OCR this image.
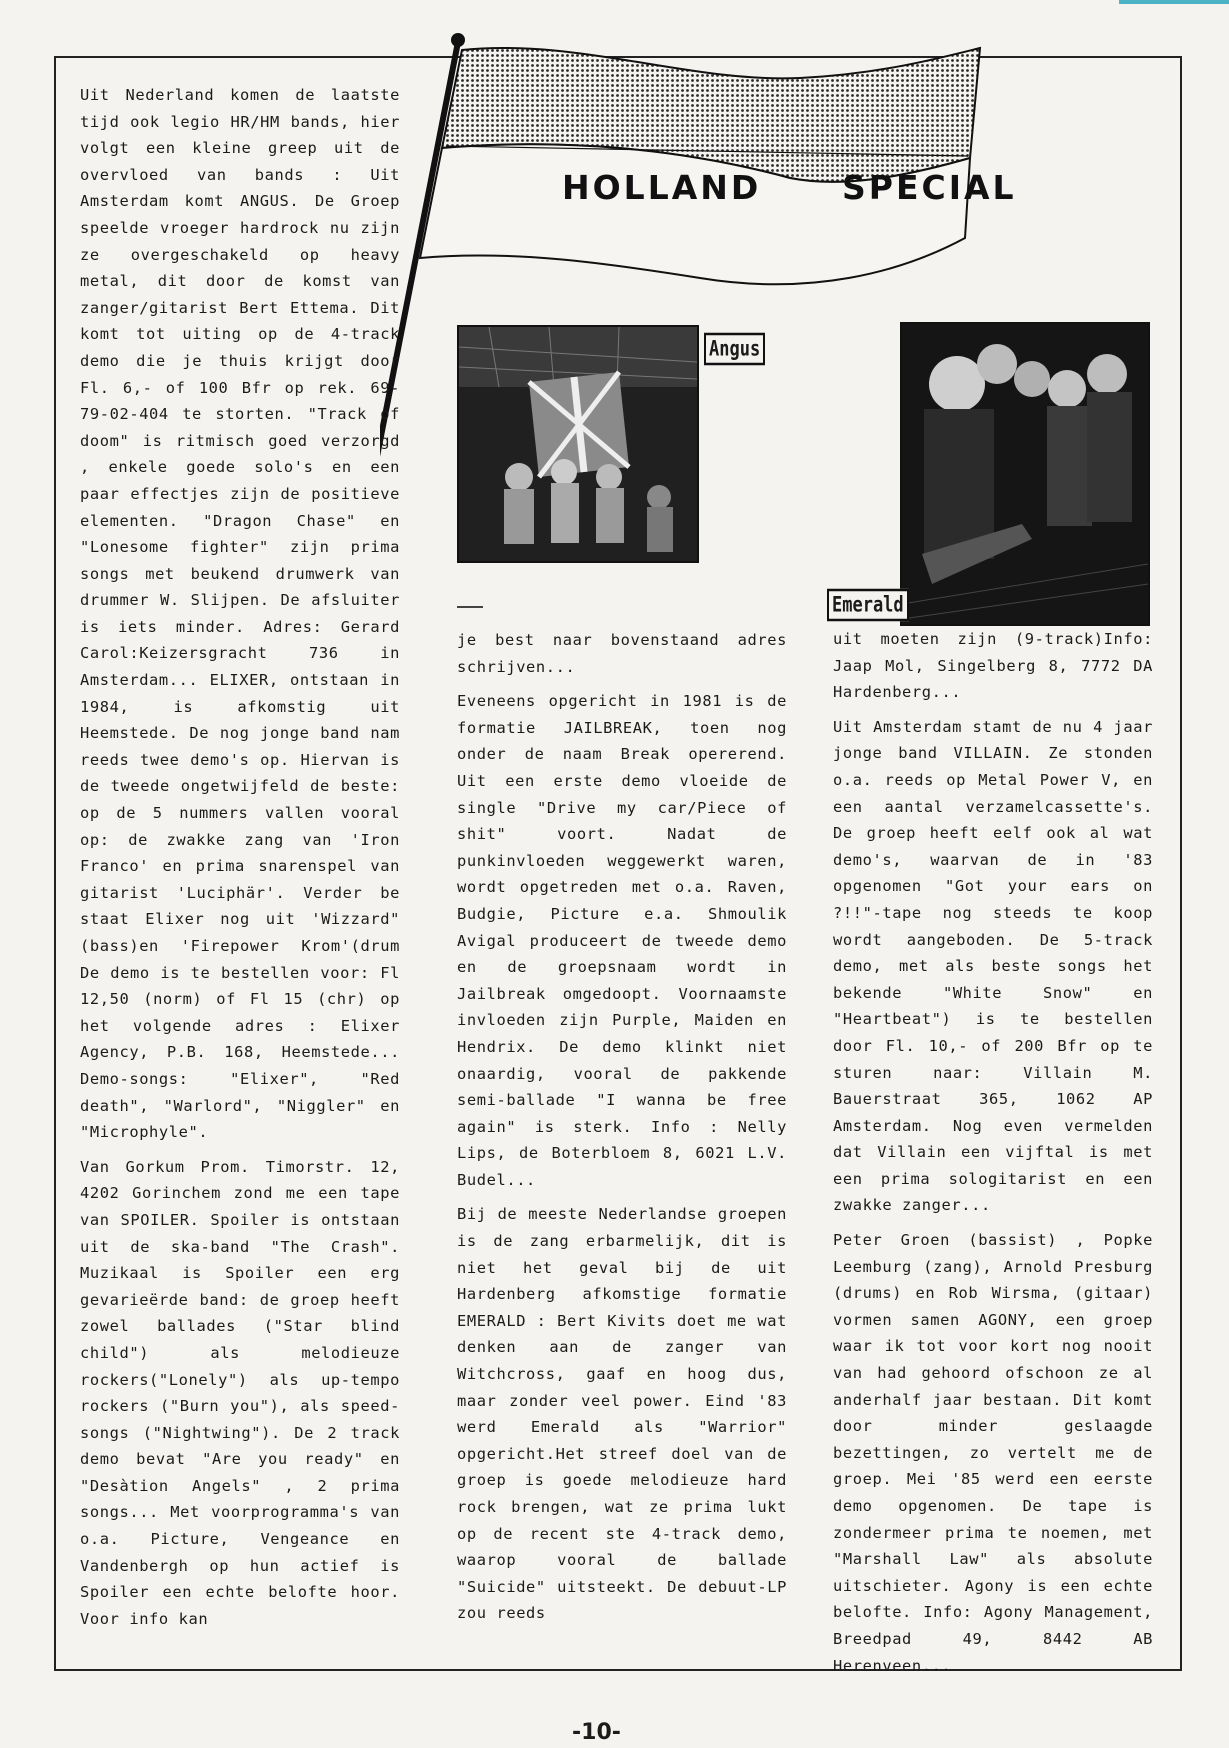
HOLLAND SPECIAL
Angus
Emerald

Uit Nederland komen de laatste tijd ook legio HR/HM bands, hier volgt een kleine greep uit de overvloed van bands : Uit Amsterdam komt ANGUS. De Groep speelde vroeger hardrock nu zijn ze overgeschakeld op heavy metal, dit door de komst van zanger/gitarist Bert Ettema. Dit komt tot uiting op de 4-track demo die je thuis krijgt door Fl. 6,- of 100 Bfr op rek. 69-79-02-404 te storten. "Track of doom" is ritmisch goed verzorgd , enkele goede solo's en een paar effectjes zijn de positieve elementen. "Dragon Chase" en "Lonesome fighter" zijn prima songs met beukend drumwerk van drummer W. Slijpen. De afsluiter is iets minder. Adres: Gerard Carol:Keizersgracht 736 in Amsterdam... ELIXER, ontstaan in 1984, is afkomstig uit Heemstede. De nog jonge band nam reeds twee demo's op. Hiervan is de tweede ongetwijfeld de beste: op de 5 nummers vallen vooral op: de zwakke zang van 'Iron Franco' en prima snarenspel van gitarist 'Luciphär'. Verder be staat Elixer nog uit 'Wizzard" (bass)en 'Firepower Krom'(drum De demo is te bestellen voor: Fl 12,50 (norm) of Fl 15 (chr) op het volgende adres : Elixer Agency, P.B. 168, Heemstede... Demo-songs: "Elixer", "Red death", "Warlord", "Niggler" en "Microphyle".

Van Gorkum Prom. Timorstr. 12, 4202 Gorinchem zond me een tape van SPOILER. Spoiler is ontstaan uit de ska-band "The Crash". Muzikaal is Spoiler een erg gevarieërde band: de groep heeft zowel ballades ("Star blind child") als melodieuze rockers("Lonely") als up-tempo rockers ("Burn you"), als speed-songs ("Nightwing"). De 2 track demo bevat "Are you ready" en "Desàtion Angels" , 2 prima songs... Met voorprogramma's van o.a. Picture, Vengeance en Vandenbergh op hun actief is Spoiler een echte belofte hoor. Voor info kan

je best naar bovenstaand adres schrijven...

Eveneens opgericht in 1981 is de formatie JAILBREAK, toen nog onder de naam Break opererend. Uit een erste demo vloeide de single "Drive my car/Piece of shit" voort. Nadat de punkinvloeden weggewerkt waren, wordt opgetreden met o.a. Raven, Budgie, Picture e.a. Shmoulik Avigal produceert de tweede demo en de groepsnaam wordt in Jailbreak omgedoopt. Voornaamste invloeden zijn Purple, Maiden en Hendrix. De demo klinkt niet onaardig, vooral de pakkende semi-ballade "I wanna be free again" is sterk. Info : Nelly Lips, de Boterbloem 8, 6021 L.V. Budel...

Bij de meeste Nederlandse groepen is de zang erbarmelijk, dit is niet het geval bij de uit Hardenberg afkomstige formatie EMERALD : Bert Kivits doet me wat denken aan de zanger van Witchcross, gaaf en hoog dus, maar zonder veel power. Eind '83 werd Emerald als "Warrior" opgericht.Het streef doel van de groep is goede melodieuze hard rock brengen, wat ze prima lukt op de recent ste 4-track demo, waarop vooral de ballade "Suicide" uitsteekt. De debuut-LP zou reeds

uit moeten zijn (9-track)Info: Jaap Mol, Singelberg 8, 7772 DA Hardenberg...

Uit Amsterdam stamt de nu 4 jaar jonge band VILLAIN. Ze stonden o.a. reeds op Metal Power V, en een aantal verzamelcassette's. De groep heeft eelf ook al wat demo's, waarvan de in '83 opgenomen "Got your ears on ?!!"-tape nog steeds te koop wordt aangeboden. De 5-track demo, met als beste songs het bekende "White Snow" en "Heartbeat") is te bestellen door Fl. 10,- of 200 Bfr op te sturen naar: Villain M. Bauerstraat 365, 1062 AP Amsterdam. Nog even vermelden dat Villain een vijftal is met een prima sologitarist en een zwakke zanger...

Peter Groen (bassist) , Popke Leemburg (zang), Arnold Presburg (drums) en Rob Wirsma, (gitaar) vormen samen AGONY, een groep waar ik tot voor kort nog nooit van had gehoord ofschoon ze al anderhalf jaar bestaan. Dit komt door minder geslaagde bezettingen, zo vertelt me de groep. Mei '85 werd een eerste demo opgenomen. De tape is zondermeer prima te noemen, met "Marshall Law" als absolute uitschieter. Agony is een echte belofte. Info: Agony Management, Breedpad 49, 8442 AB Herenveen...

-10-
